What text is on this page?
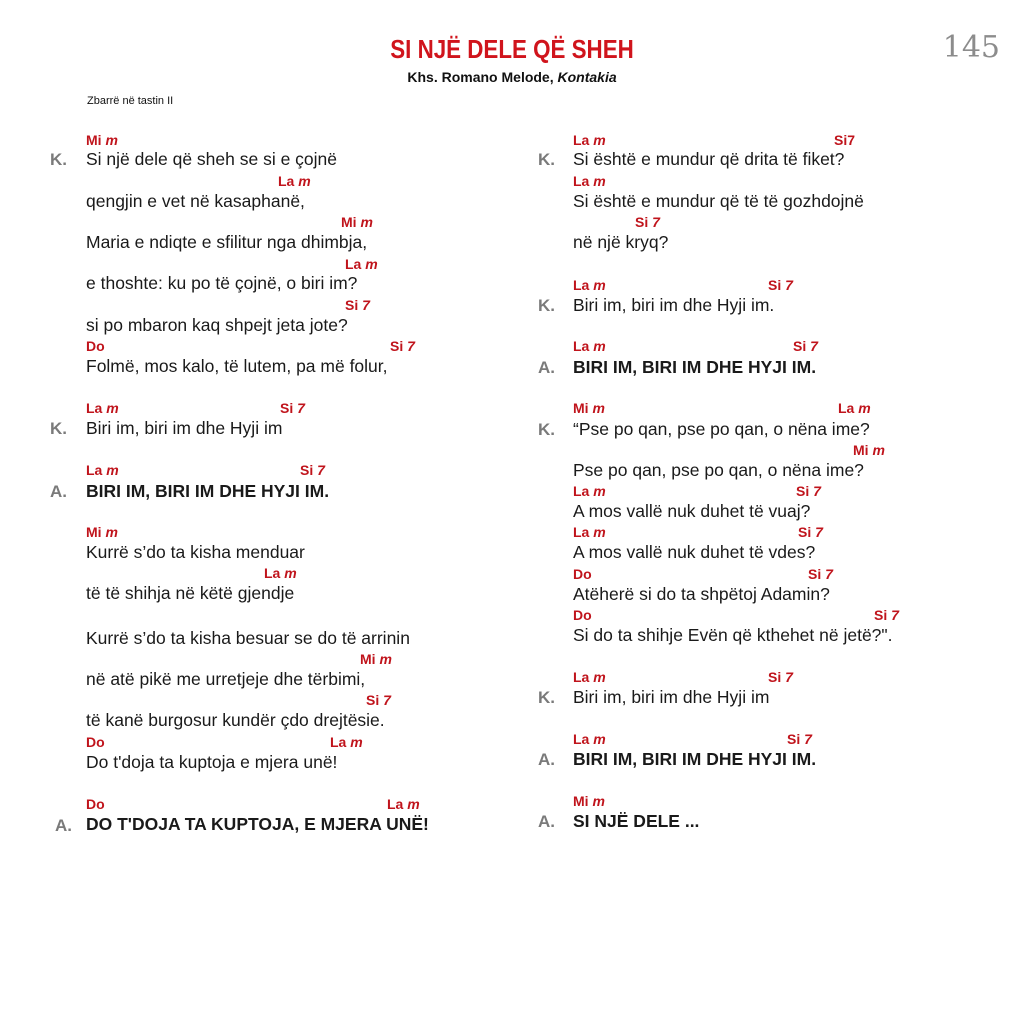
SI NJË DELE QË SHEH
Khs. Romano Melode, Kontakia
145
Zbarrë në tastin II
Mi m
La m
Mi m
La m
Si 7
Do	Si 7
La m	Si 7
La m	Si 7
Mi m
La m
Mi m
Si 7
Do	La m
Do	La m
K.
K.
A.
A.
Si një dele që sheh se si e çojnë
qengjin e vet në kasaphanë,
Maria e ndiqte e sfilitur nga dhimbja,
e thoshte: ku po të çojnë, o biri im?
si po mbaron kaq shpejt jeta jote?
Folmë, mos kalo, të lutem, pa më folur,
Biri im, biri im dhe Hyji im
BIRI IM, BIRI IM DHE HYJI IM.
Kurrë s’do ta kisha menduar
të të shihja në këtë gjendje
Kurrë s’do ta kisha besuar se do të arrinin
në atë pikë me urretjeje dhe tërbimi,
të kanë burgosur kundër çdo drejtësie.
Do t'doja ta kuptoja e mjera unë!
DO T'DOJA TA KUPTOJA, E MJERA UNË!
La m	Si7
La m
Si 7
La m	Si 7
La m	Si 7
Mi m	La m
Mi m
La m	Si 7
La m	Si 7
Do	Si 7
Do	Si 7
La m	Si 7
La m	Si 7
Mi m
K.
K.
A.
K.
K.
A.
A.
Si është e mundur që drita të fiket?
Si është e mundur që të të gozhdojnë
në një kryq?
Biri im, biri im dhe Hyji im.
BIRI IM, BIRI IM DHE HYJI IM.
“Pse po qan, pse po qan, o nëna ime?
Pse po qan, pse po qan, o nëna ime?
A mos vallë nuk duhet të vuaj?
A mos vallë nuk duhet të vdes?
Atëherë si do ta shpëtoj Adamin?
Si do ta shihje Evën që kthehet në jetë?".
Biri im, biri im dhe Hyji im
BIRI IM, BIRI IM DHE HYJI IM.
SI NJË DELE ...
